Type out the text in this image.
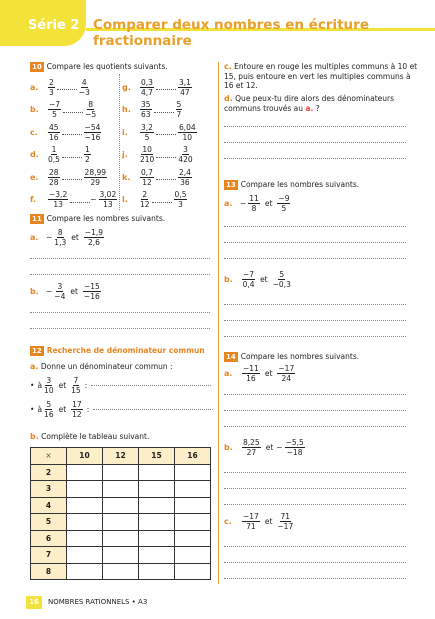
Série 2 Comparer deux nombres en écriture fractionnaire
10 Compare les quotients suivants.
a.	$\frac{2}{3}$	$\frac{4}{-3}$
b.	$\frac{-7}{5}$	$\frac{8}{-5}$
c.	$\frac{45}{16}$	$\frac{-54}{-16}$
d.	$\frac{1}{0,5}$	$\frac{1}{2}$
e.	$\frac{28}{28}$	$\frac{28,99}{29}$
f.	$\frac{-3,2}{13}$	− $\frac{3,02}{13}$
g.	$\frac{0,3}{4,7}$	$\frac{3,1}{47}$
h.	$\frac{35}{63}$	$\frac{5}{7}$
i.	$\frac{3,2}{5}$	$\frac{6,04}{10}$
j.	$\frac{10}{210}$	$\frac{3}{420}$
k.	$\frac{0,7}{12}$	$\frac{2,4}{36}$
l.	$\frac{2}{12}$	$\frac{0,5}{3}$
11 Compare les nombres suivants.
a.	− $\frac{8}{1,3}$ et $\frac{-1,9}{2,6}$
b. − $\frac{3}{-4}$ et $\frac{-15}{-16}$
12 Recherche de dénominateur commun
a. Donne un dénominateur commun :
• à $\frac{3}{10}$ et $\frac{7}{15}$ :
• à $\frac{5}{16}$ et $\frac{17}{12}$ :
b. Complète le tableau suivant.
×	10	12	15	16
2				
3				
4				
5				
6				
7				
8				
c. Entoure en rouge les multiples communs à 10 et
15, puis entoure en vert les multiples communs à
16 et 12.
d. Que peux-tu dire alors des dénominateurs
communs trouvés au a. ?
13 Compare les nombres suivants.
a.	− $\frac{11}{8}$ et $\frac{-9}{5}$
b.	$\frac{-7}{0,4}$ et $\frac{5}{-0,3}$
14 Compare les nombres suivants.
a.	$\frac{-11}{16}$ et $\frac{-17}{24}$
b.	$\frac{8,25}{27}$ et − $\frac{-5,5}{-18}$
c.	$\frac{-17}{71}$ et $\frac{71}{-17}$
16	NOMBRES RATIONNELS • A3
